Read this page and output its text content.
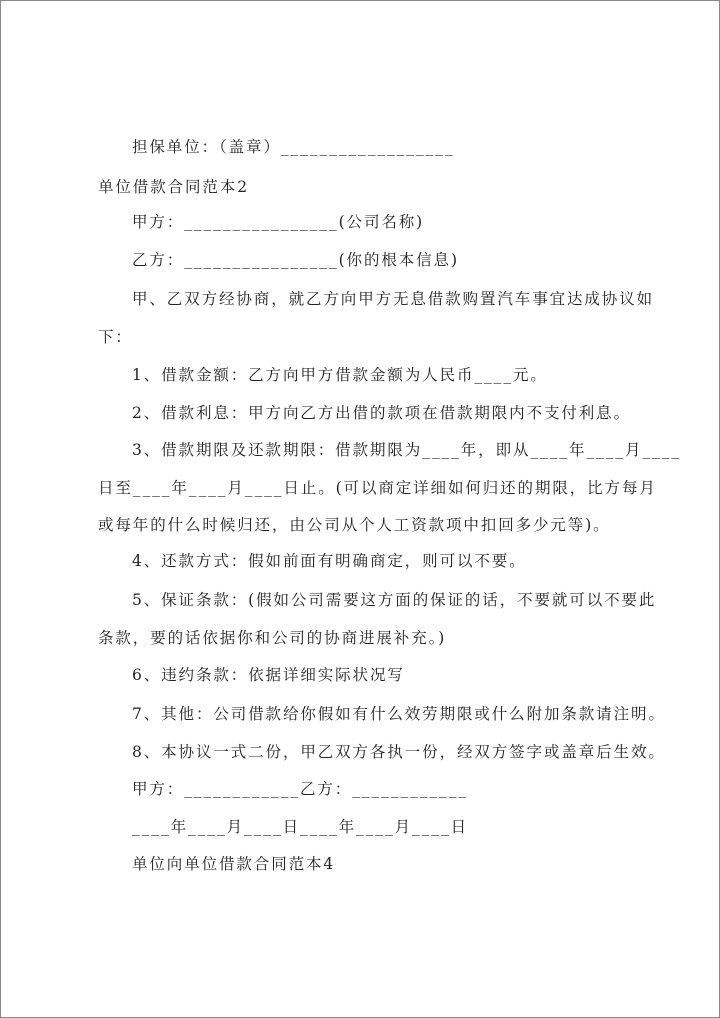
担保单位：（盖章）__________________
单位借款合同范本2
甲方：________________(公司名称)
乙方：________________(你的根本信息)
甲、乙双方经协商，就乙方向甲方无息借款购置汽车事宜达成协议如
下：
1、借款金额：乙方向甲方借款金额为人民币____元。
2、借款利息：甲方向乙方出借的款项在借款期限内不支付利息。
3、借款期限及还款期限：借款期限为____年，即从____年____月____
日至____年____月____日止。(可以商定详细如何归还的期限，比方每月
或每年的什么时候归还，由公司从个人工资款项中扣回多少元等)。
4、还款方式：假如前面有明确商定，则可以不要。
5、保证条款：(假如公司需要这方面的保证的话，不要就可以不要此
条款，要的话依据你和公司的协商进展补充。)
6、违约条款：依据详细实际状况写
7、其他：公司借款给你假如有什么效劳期限或什么附加条款请注明。
8、本协议一式二份，甲乙双方各执一份，经双方签字或盖章后生效。
甲方：____________乙方：____________
____年____月____日____年____月____日
单位向单位借款合同范本4
